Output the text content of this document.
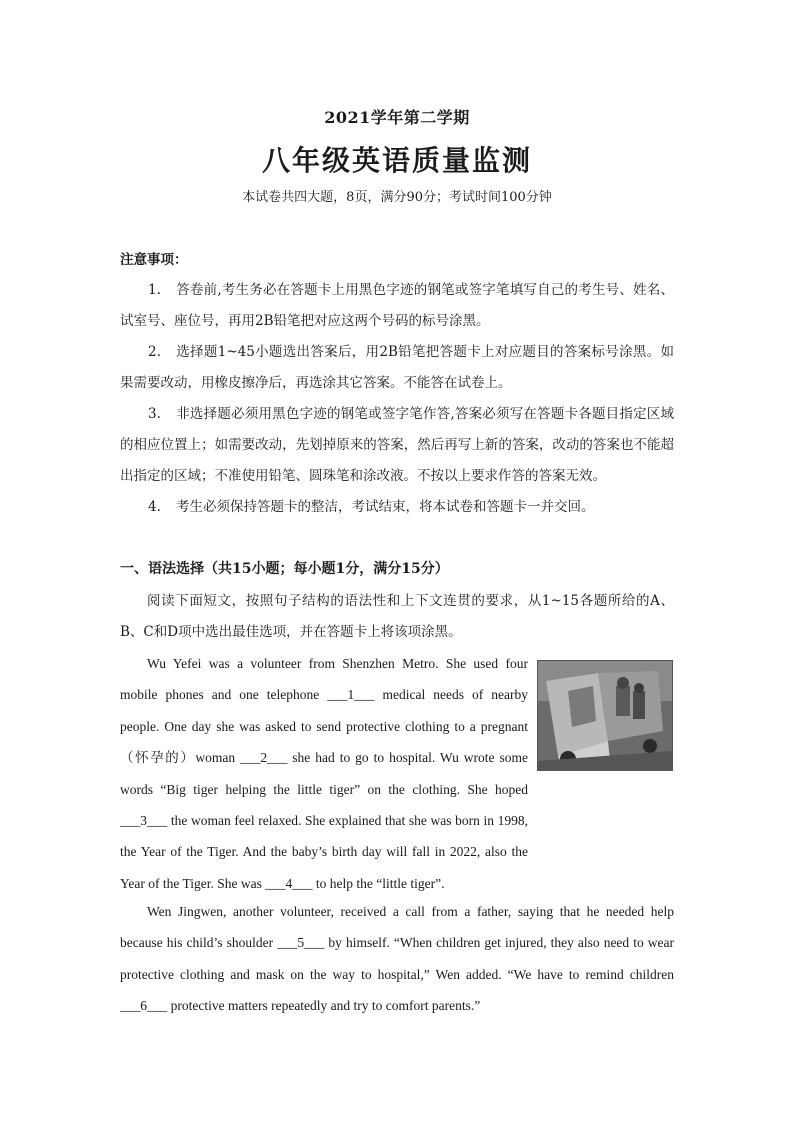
2021学年第二学期
八年级英语质量监测
本试卷共四大题，8页，满分90分；考试时间100分钟
注意事项：
1. 答卷前,考生务必在答题卡上用黑色字迹的钢笔或签字笔填写自己的考生号、姓名、试室号、座位号，再用2B铅笔把对应这两个号码的标号涂黑。
2. 选择题1~45小题选出答案后，用2B铅笔把答题卡上对应题目的答案标号涂黑。如果需要改动，用橡皮擦净后，再选涂其它答案。不能答在试卷上。
3. 非选择题必须用黑色字迹的钢笔或签字笔作答,答案必须写在答题卡各题目指定区域的相应位置上；如需要改动，先划掉原来的答案，然后再写上新的答案，改动的答案也不能超出指定的区域；不准使用铅笔、圆珠笔和涂改液。不按以上要求作答的答案无效。
4. 考生必须保持答题卡的整洁，考试结束，将本试卷和答题卡一并交回。
一、语法选择（共15小题；每小题1分，满分15分）
阅读下面短文，按照句子结构的语法性和上下文连贯的要求，从1~15各题所给的A、B、C和D项中选出最佳选项，并在答题卡上将该项涂黑。
Wu Yefei was a volunteer from Shenzhen Metro. She used four mobile phones and one telephone ___1___ medical needs of nearby people. One day she was asked to send protective clothing to a pregnant（怀孕的）woman ___2___ she had to go to hospital. Wu wrote some words “Big tiger helping the little tiger” on the clothing. She hoped ___3___ the woman feel relaxed. She explained that she was born in 1998, the Year of the Tiger. And the baby’s birth day will fall in 2022, also the Year of the Tiger. She was ___4___ to help the “little tiger”.
Wen Jingwen, another volunteer, received a call from a father, saying that he needed help because his child’s shoulder ___5___ by himself. “When children get injured, they also need to wear protective clothing and mask on the way to hospital,” Wen added. “We have to remind children ___6___ protective matters repeatedly and try to comfort parents.”
